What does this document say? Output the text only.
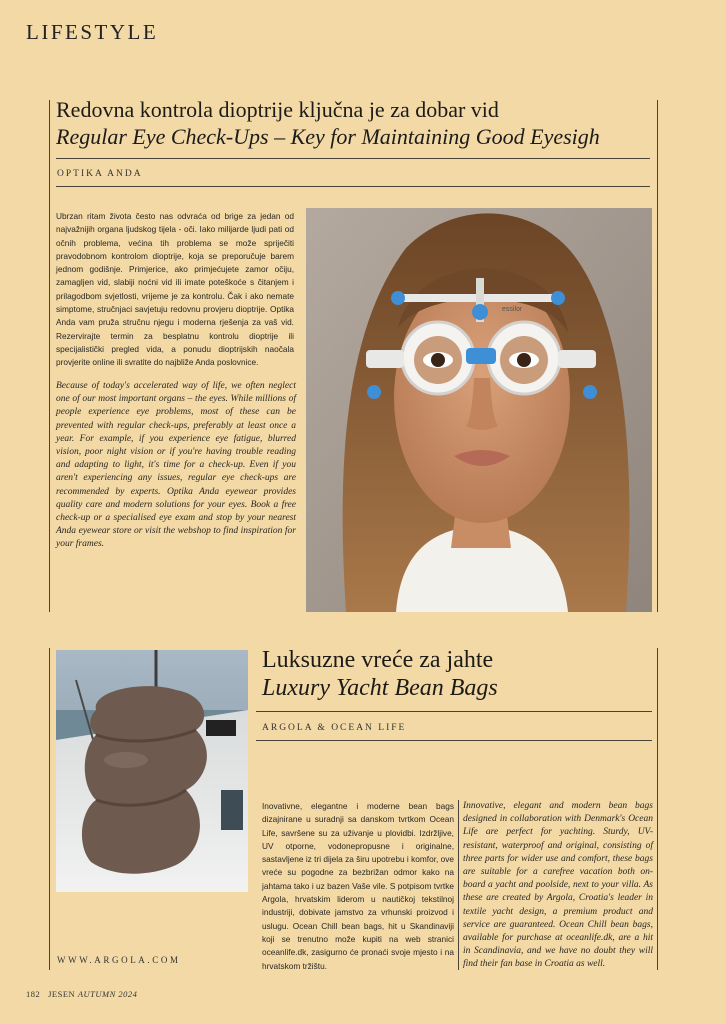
LIFESTYLE
Redovna kontrola dioptrije ključna je za dobar vid
Regular Eye Check-Ups – Key for Maintaining Good Eyesigh
OPTIKA ANDA
Ubrzan ritam života često nas odvraća od brige za jedan od najvažnijih organa ljudskog tijela - oči. Iako milijarde ljudi pati od očnih problema, većina tih problema se može spriječiti pravodobnom kontrolom dioptrije, koja se preporučuje barem jednom godišnje. Primjerice, ako primjećujete zamor očiju, zamagljen vid, slabiji noćni vid ili imate poteškoće s čitanjem i prilagodbom svjetlosti, vrijeme je za kontrolu. Čak i ako nemate simptome, stručnjaci savjetuju redovnu provjeru dioptrije. Optika Anda vam pruža stručnu njegu i moderna rješenja za vaš vid. Rezervirajte termin za besplatnu kontrolu dioptrije ili specijalistički pregled vida, a ponudu dioptrijskih naočala provjerite online ili svratite do najbliže Anda poslovnice.
Because of today's accelerated way of life, we often neglect one of our most important organs – the eyes. While millions of people experience eye problems, most of these can be prevented with regular check-ups, preferably at least once a year. For example, if you experience eye fatigue, blurred vision, poor night vision or if you're having trouble reading and adapting to light, it's time for a check-up. Even if you aren't experiencing any issues, regular eye check-ups are recommended by experts. Optika Anda eyewear provides quality care and modern solutions for your eyes. Book a free check-up or a specialised eye exam and stop by your nearest Anda eyewear store or visit the webshop to find inspiration for your frames.
essilor
Luksuzne vreće za jahte
Luxury Yacht Bean Bags
ARGOLA & OCEAN LIFE
Inovativne, elegantne i moderne bean bags dizajnirane u suradnji sa danskom tvrtkom Ocean Life, savršene su za uživanje u plovidbi. Izdržljive, UV otporne, vodonepropusne i originalne, sastavljene iz tri dijela za širu upotrebu i komfor, ove vreće su pogodne za bezbrižan odmor kako na jahtama tako i uz bazen Vaše vile. S potpisom tvrtke Argola, hrvatskim liderom u nautičkoj tekstilnoj industriji, dobivate jamstvo za vrhunski proizvod i uslugu. Ocean Chill bean bags, hit u Skandinaviji koji se trenutno može kupiti na web stranici oceanlife.dk, zasigurno će pronaći svoje mjesto i na hrvatskom tržištu.
Innovative, elegant and modern bean bags designed in collaboration with Denmark's Ocean Life are perfect for yachting. Sturdy, UV-resistant, waterproof and original, consisting of three parts for wider use and comfort, these bags are suitable for a carefree vacation both on-board a yacht and poolside, next to your villa. As these are created by Argola, Croatia's leader in textile yacht design, a premium product and service are guaranteed. Ocean Chill bean bags, available for purchase at oceanlife.dk, are a hit in Scandinavia, and we have no doubt they will find their fan base in Croatia as well.
WWW.ARGOLA.COM
182 JESEN AUTUMN 2024
